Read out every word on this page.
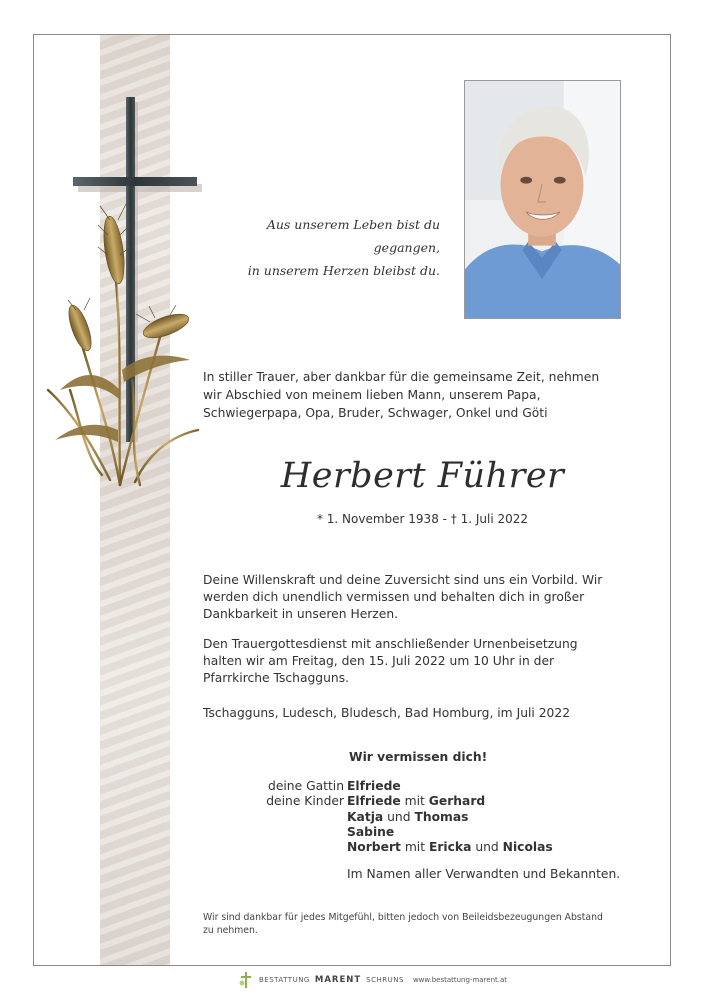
Aus unserem Leben bist du gegangen,
in unserem Herzen bleibst du.
In stiller Trauer, aber dankbar für die gemeinsame Zeit, nehmen wir Abschied von meinem lieben Mann, unserem Papa, Schwiegerpapa, Opa, Bruder, Schwager, Onkel und Göti
Herbert Führer
* 1. November 1938 - † 1. Juli 2022

Deine Willenskraft und deine Zuversicht sind uns ein Vorbild. Wir werden dich unendlich vermissen und behalten dich in großer Dankbarkeit in unseren Herzen.

Den Trauergottesdienst mit anschließender Urnenbeisetzung halten wir am Freitag, den 15. Juli 2022 um 10 Uhr in der Pfarrkirche Tschagguns.

Tschagguns, Ludesch, Bludesch, Bad Homburg, im Juli 2022
Wir vermissen dich!
deine Gattin Elfriede
deine Kinder Elfriede mit Gerhard
Katja und Thomas
Sabine
Norbert mit Ericka und Nicolas
Im Namen aller Verwandten und Bekannten.
Wir sind dankbar für jedes Mitgefühl, bitten jedoch von Beileidsbezeugungen Abstand zu nehmen.
BESTATTUNG MARENT SCHRUNS www.bestattung-marent.at
